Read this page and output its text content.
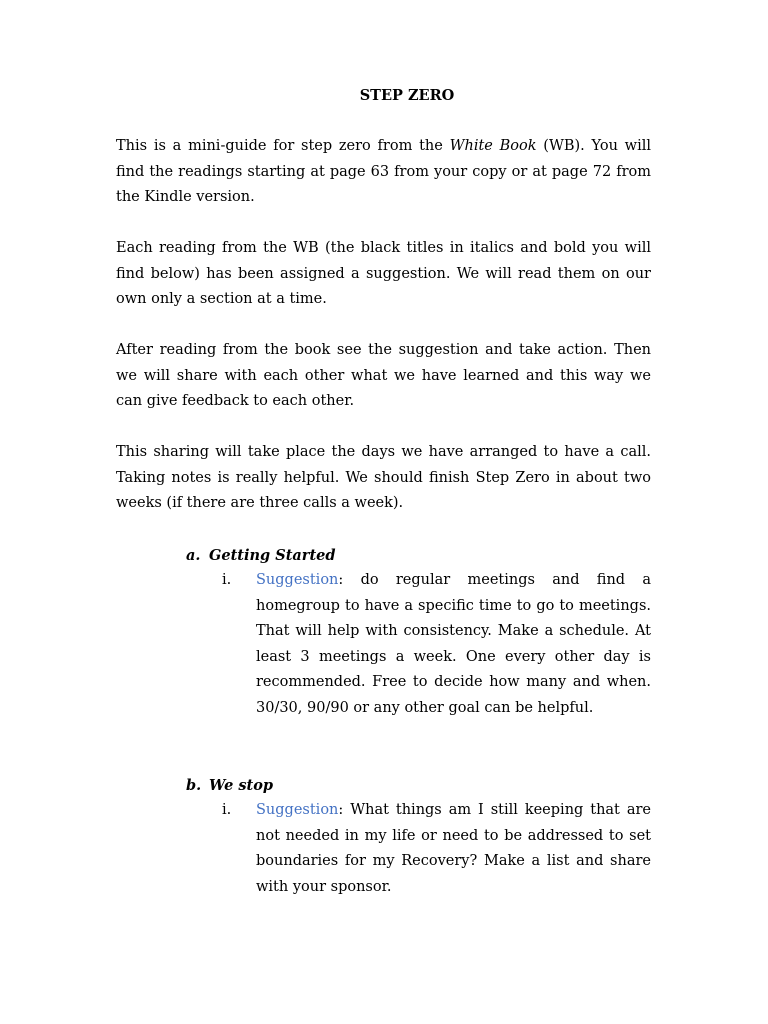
STEP ZERO

This is a mini-guide for step zero from the White Book (WB). You will find the readings starting at page 63 from your copy or at page 72 from the Kindle version.

Each reading from the WB (the black titles in italics and bold you will find below) has been assigned a suggestion. We will read them on our own only a section at a time.

After reading from the book see the suggestion and take action. Then we will share with each other what we have learned and this way we can give feedback to each other.

This sharing will take place the days we have arranged to have a call. Taking notes is really helpful. We should finish Step Zero in about two weeks (if there are three calls a week).

a. Getting Started
i. Suggestion: do regular meetings and find a homegroup to have a specific time to go to meetings. That will help with consistency. Make a schedule. At least 3 meetings a week. One every other day is recommended. Free to decide how many and when. 30/30, 90/90 or any other goal can be helpful.

b. We stop
i. Suggestion: What things am I still keeping that are not needed in my life or need to be addressed to set boundaries for my Recovery? Make a list and share with your sponsor.
